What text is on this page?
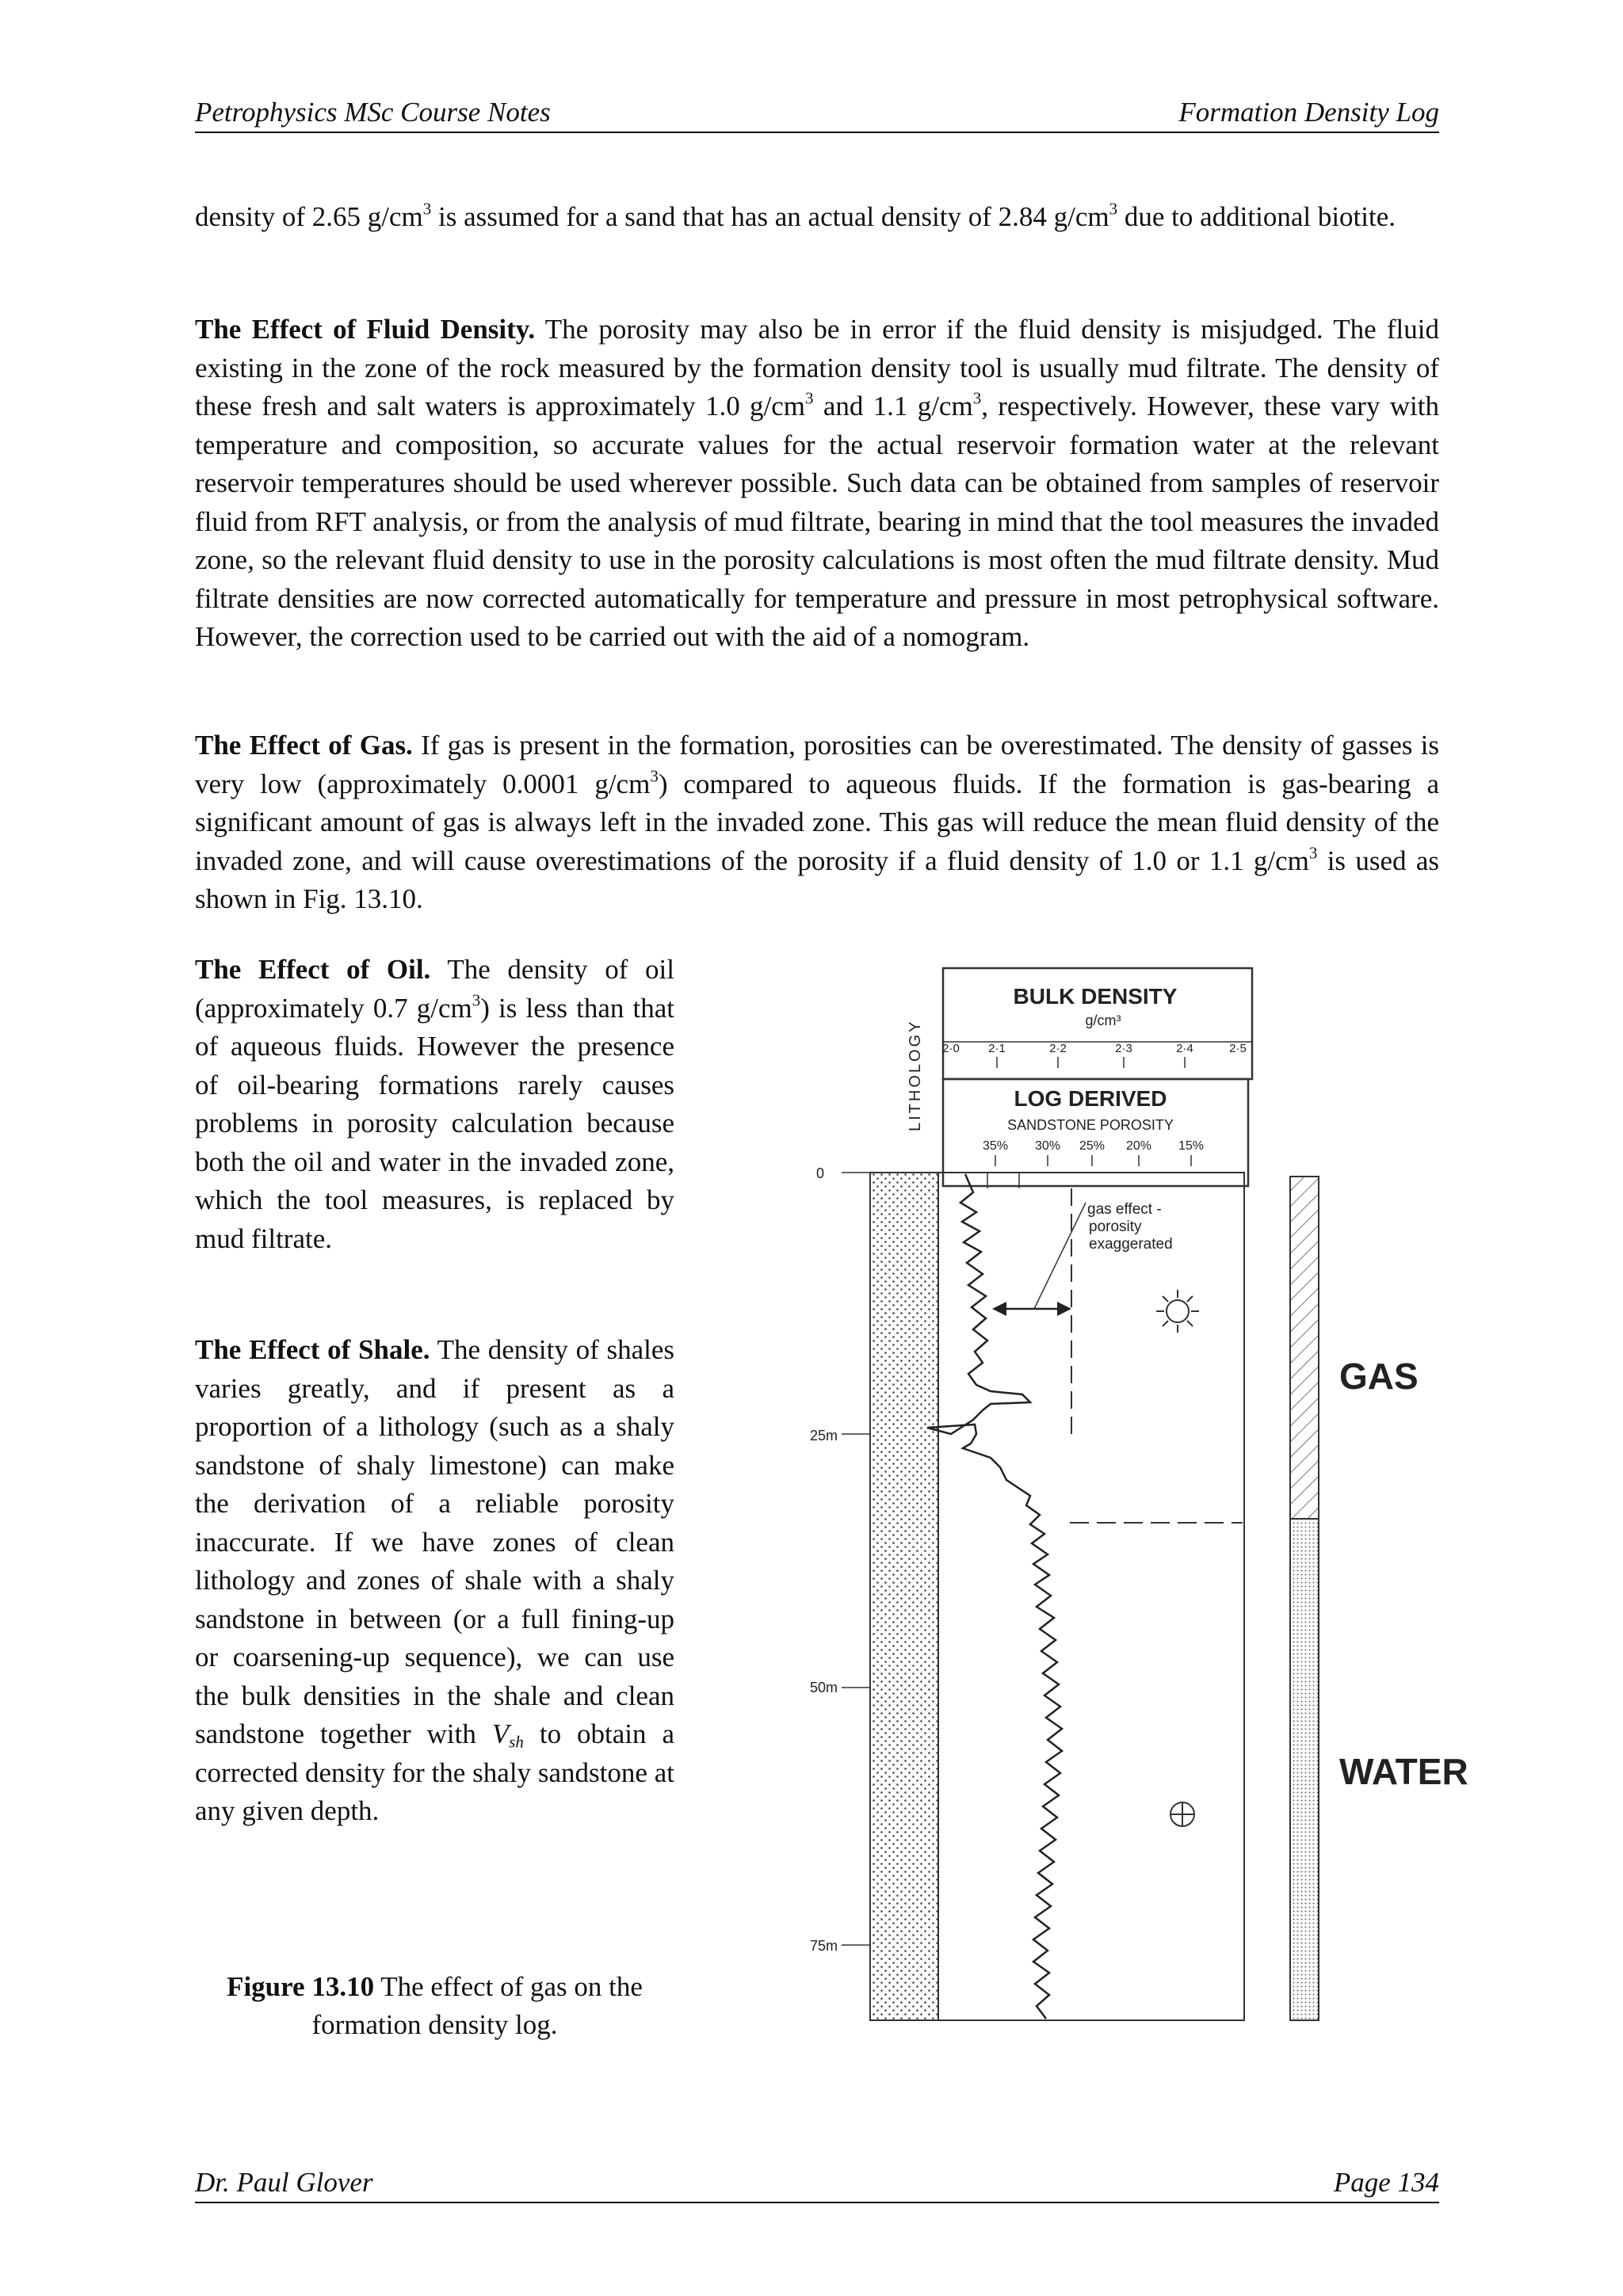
Petrophysics MSc Course Notes	Formation Density Log

density of 2.65 $g/cm^3$ is assumed for a sand that has an actual density of 2.84 $g/cm^3$ due to additional biotite.

The Effect of Fluid Density. The porosity may also be in error if the fluid density is misjudged. The fluid existing in the zone of the rock measured by the formation density tool is usually mud filtrate. The density of these fresh and salt waters is approximately 1.0 $g/cm^3$ and 1.1 $g/cm^3$, respectively. However, these vary with temperature and composition, so accurate values for the actual reservoir formation water at the relevant reservoir temperatures should be used wherever possible. Such data can be obtained from samples of reservoir fluid from RFT analysis, or from the analysis of mud filtrate, bearing in mind that the tool measures the invaded zone, so the relevant fluid density to use in the porosity calculations is most often the mud filtrate density. Mud filtrate densities are now corrected automatically for temperature and pressure in most petrophysical software. However, the correction used to be carried out with the aid of a nomogram.

The Effect of Gas. If gas is present in the formation, porosities can be overestimated. The density of gasses is very low (approximately 0.0001 $g/cm^3$) compared to aqueous fluids. If the formation is gas-bearing a significant amount of gas is always left in the invaded zone. This gas will reduce the mean fluid density of the invaded zone, and will cause overestimations of the porosity if a fluid density of 1.0 or 1.1 $g/cm^3$ is used as shown in Fig. 13.10.

The Effect of Oil. The density of oil (approximately 0.7 $g/cm^3$) is less than that of aqueous fluids. However the presence of oil-bearing formations rarely causes problems in porosity calculation because both the oil and water in the invaded zone, which the tool measures, is replaced by mud filtrate.

The Effect of Shale. The density of shales varies greatly, and if present as a proportion of a lithology (such as a shaly sandstone of shaly limestone) can make the derivation of a reliable porosity inaccurate. If we have zones of clean lithology and zones of shale with a shaly sandstone in between (or a full fining-up or coarsening-up sequence), we can use the bulk densities in the shale and clean sandstone together with $V_{sh}$ to obtain a corrected density for the shaly sandstone at any given depth.

Figure 13.10 The effect of gas on the formation density log.

LITHOLOGY
BULK DENSITY
g/cm³
2·0 2·1	2·2	2·3	2·4	2·5
LOG DERIVED
SANDSTONE POROSITY
35% 30% 25% 20% 15%
0
25m
50m
75m
gas effect -
porosity
exaggerated
GAS
WATER
Dr. Paul Glover	Page 134
